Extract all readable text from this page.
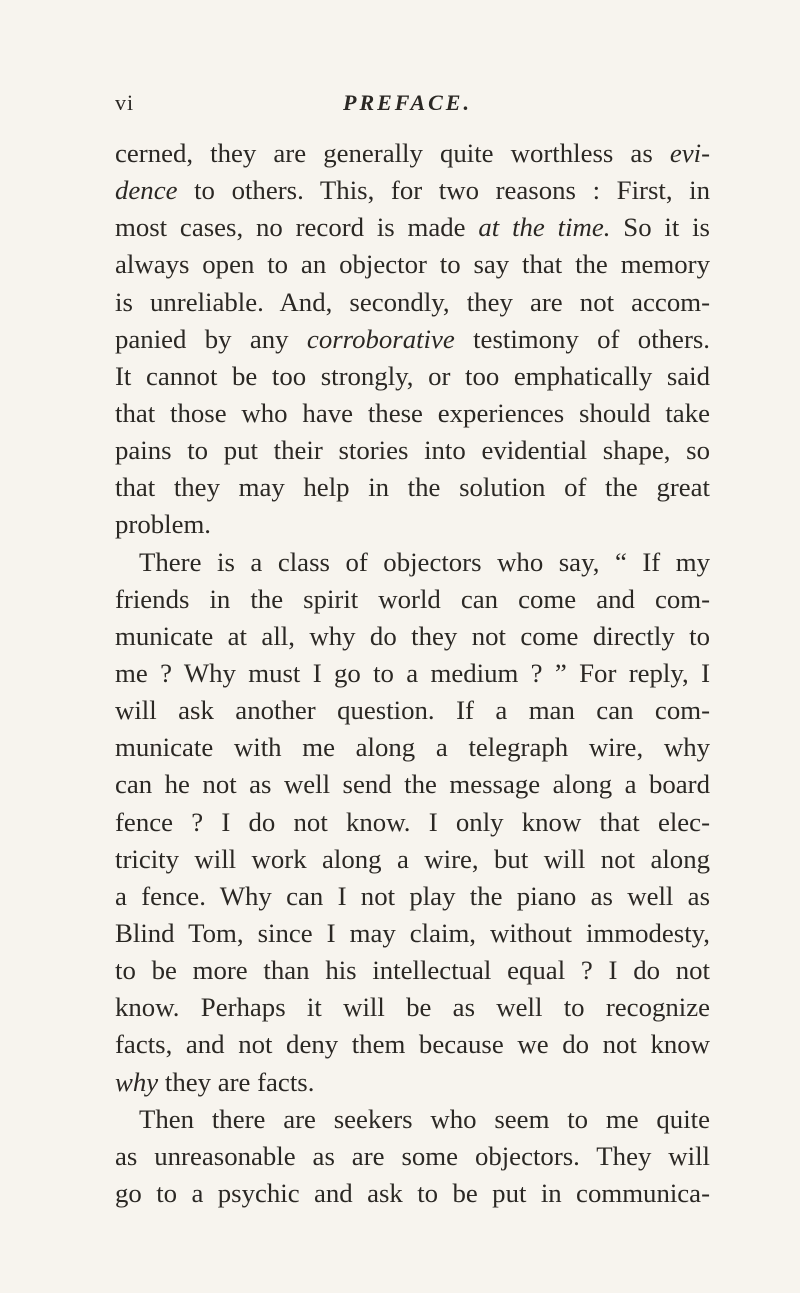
vi	PREFACE.
cerned, they are generally quite worthless as evi-
dence to others. This, for two reasons : First, in
most cases, no record is made at the time. So it is
always open to an objector to say that the memory
is unreliable. And, secondly, they are not accom-
panied by any corroborative testimony of others.
It cannot be too strongly, or too emphatically said
that those who have these experiences should take
pains to put their stories into evidential shape, so
that they may help in the solution of the great
problem.
There is a class of objectors who say, “ If my
friends in the spirit world can come and com-
municate at all, why do they not come directly to
me ? Why must I go to a medium ? ” For reply, I
will ask another question. If a man can com-
municate with me along a telegraph wire, why
can he not as well send the message along a board
fence ? I do not know. I only know that elec-
tricity will work along a wire, but will not along
a fence. Why can I not play the piano as well as
Blind Tom, since I may claim, without immodesty,
to be more than his intellectual equal ? I do not
know. Perhaps it will be as well to recognize
facts, and not deny them because we do not know
why they are facts.
Then there are seekers who seem to me quite
as unreasonable as are some objectors. They will
go to a psychic and ask to be put in communica-
